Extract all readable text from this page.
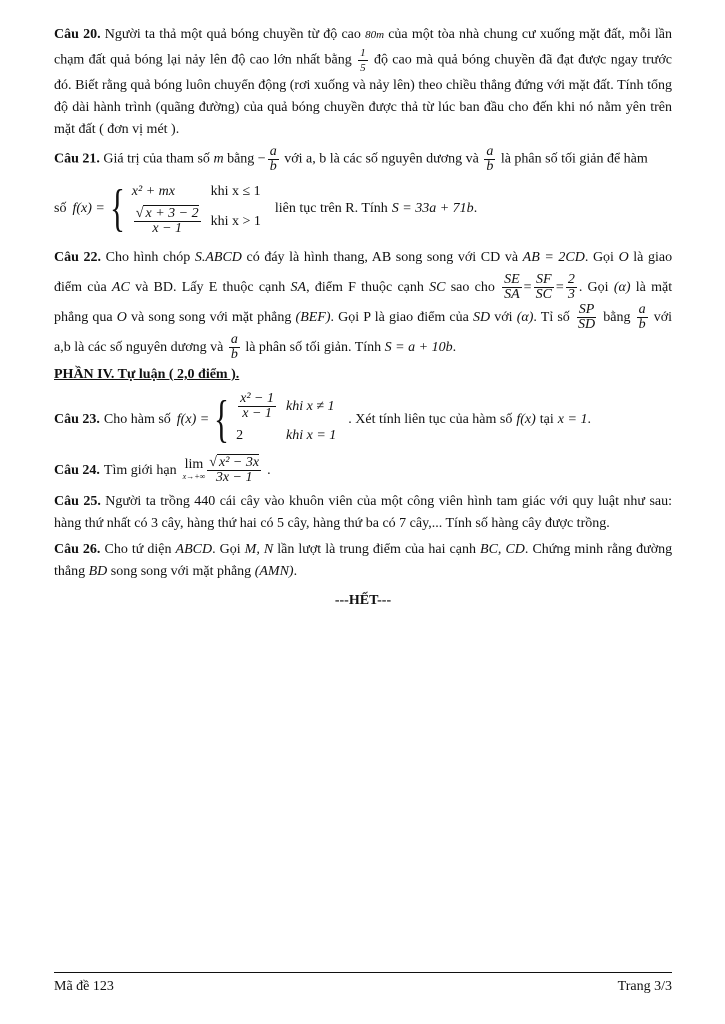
Câu 20. Người ta thả một quả bóng chuyền từ độ cao 80m của một tòa nhà chung cư xuống mặt đất, mỗi lần chạm đất quả bóng lại nảy lên độ cao lớn nhất bằng $\frac{1}{5}$ độ cao mà quả bóng chuyền đã đạt được ngay trước đó. Biết rằng quả bóng luôn chuyển động (rơi xuống và nảy lên) theo chiều thẳng đứng với mặt đất. Tính tổng độ dài hành trình (quãng đường) của quả bóng chuyền được thả từ lúc ban đầu cho đến khi nó nằm yên trên mặt đất ( đơn vị mét ).

Câu 21. Giá trị của tham số m bằng − $\frac{a}{b}$ với a, b là các số nguyên dương và $\frac{a}{b}$ là phân số tối giản để hàm

số f(x) = { x² + mx	khi x ≤ 1

$\frac{√ x + 3 - 2}{x - 1}$	khi x > 1
liên tục trên R. Tính S = 33a + 71b .

Câu 22. Cho hình chóp S.ABCD có đáy là hình thang, AB song song với CD và AB = 2CD. Gọi O là giao điểm của AC và BD. Lấy E thuộc cạnh SA, điểm F thuộc cạnh SC sao cho $\frac{SE}{SA} = \frac{SF}{SC} = \frac{2}{3}$ . Gọi (α) là mặt phẳng qua O và song song với mặt phẳng (BEF). Gọi P là giao điểm của SD với (α). Tỉ số $\frac{SP}{SD}$ bằng $\frac{a}{b}$ với a,b là các số nguyên dương và $\frac{a}{b}$ là phân số tối giản. Tính S = a + 10b.

PHẦN IV. Tự luận ( 2,0 điểm ).
Câu 23. Cho hàm số f(x) = { $\frac{\text{x² − 1}}{x - 1}$	khi x ≠ 1
2	khi x = 1
. Xét tính liên tục của hàm số f(x) tại x = 1 .
Câu 24. Tìm giới hạn lim
$x\to+\infty \frac{\text{√ x² − 3x}}{3x - 1}$ .

Câu 25. Người ta trồng 440 cái cây vào khuôn viên của một công viên hình tam giác với quy luật như sau: hàng thứ nhất có 3 cây, hàng thứ hai có 5 cây, hàng thứ ba có 7 cây,... Tính số hàng cây được trồng.

Câu 26. Cho tứ diện ABCD. Gọi M, N lần lượt là trung điểm của hai cạnh BC, CD. Chứng minh rằng đường thẳng BD song song với mặt phẳng (AMN).

---HẾT---
Mã đề 123	Trang 3/3
